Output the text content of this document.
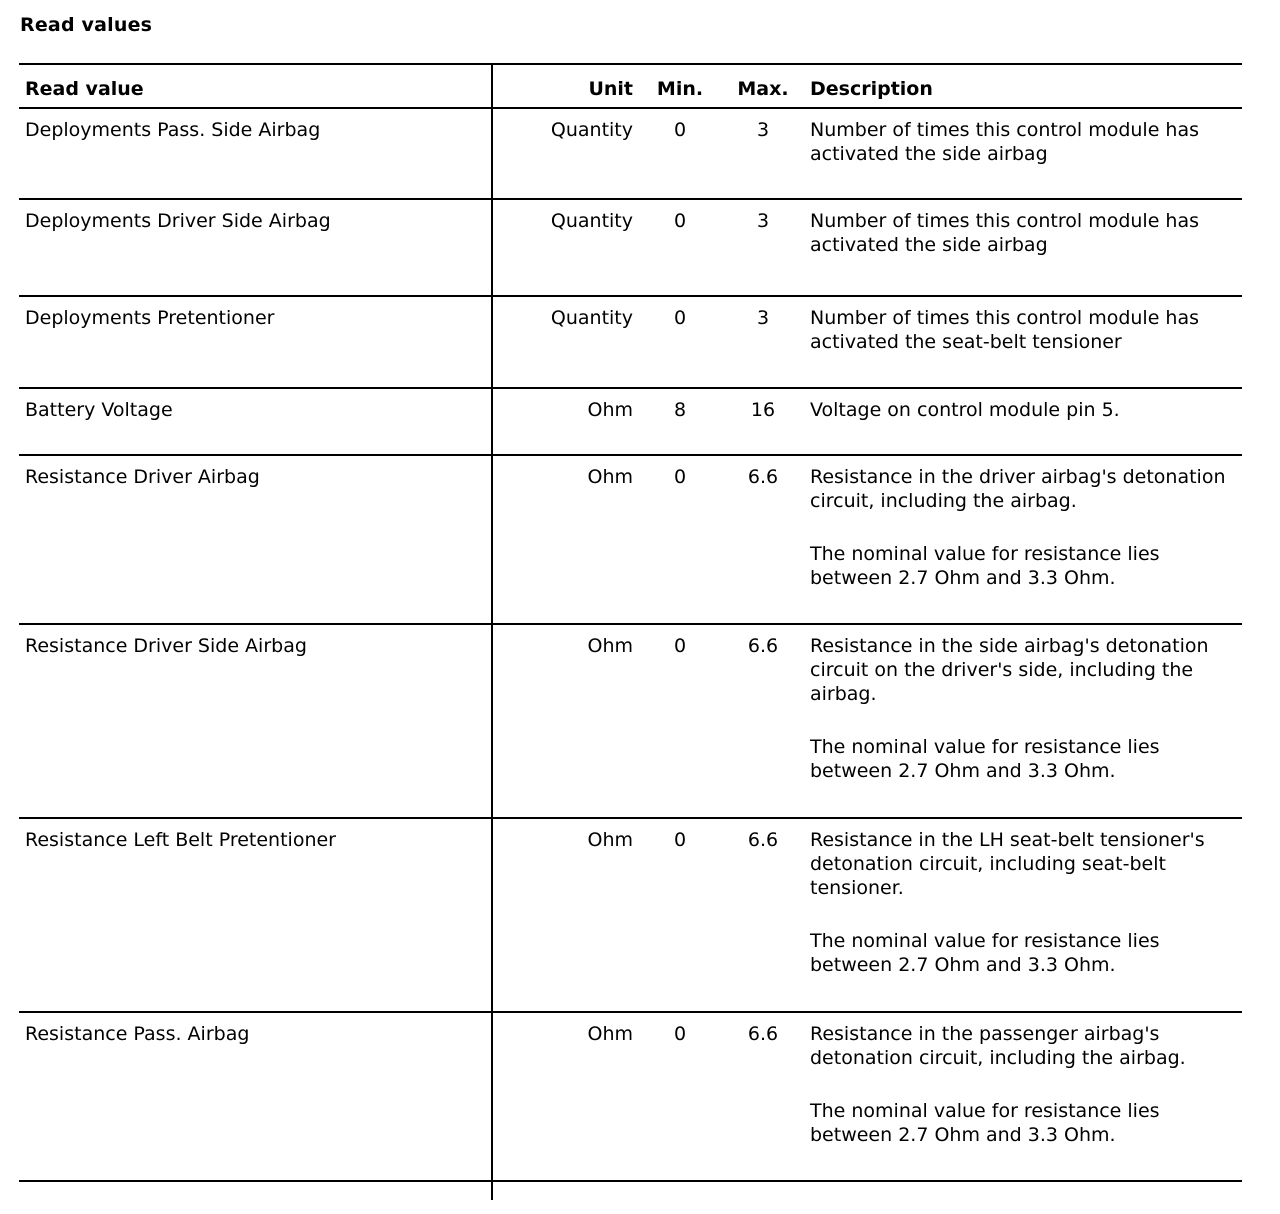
Read values
Read value	Unit	Min.	Max.	Description
Deployments Pass. Side Airbag	Quantity	0	3	Number of times this control module has activated the side airbag

Deployments Driver Side Airbag	Quantity	0	3	Number of times this control module has activated the side airbag

Deployments Pretentioner	Quantity	0	3	Number of times this control module has activated the seat-belt tensioner

Battery Voltage	Ohm	8	16	Voltage on control module pin 5.

Resistance Driver Airbag	Ohm	0	6.6	Resistance in the driver airbag's detonation circuit, including the airbag.

The nominal value for resistance lies between 2.7 Ohm and 3.3 Ohm.

Resistance Driver Side Airbag	Ohm	0	6.6	Resistance in the side airbag's detonation circuit on the driver's side, including the airbag.

The nominal value for resistance lies between 2.7 Ohm and 3.3 Ohm.

Resistance Left Belt Pretentioner	Ohm	0	6.6	Resistance in the LH seat-belt tensioner's detonation circuit, including seat-belt tensioner.

The nominal value for resistance lies between 2.7 Ohm and 3.3 Ohm.

Resistance Pass. Airbag	Ohm	0	6.6	Resistance in the passenger airbag's detonation circuit, including the airbag.

The nominal value for resistance lies between 2.7 Ohm and 3.3 Ohm.
